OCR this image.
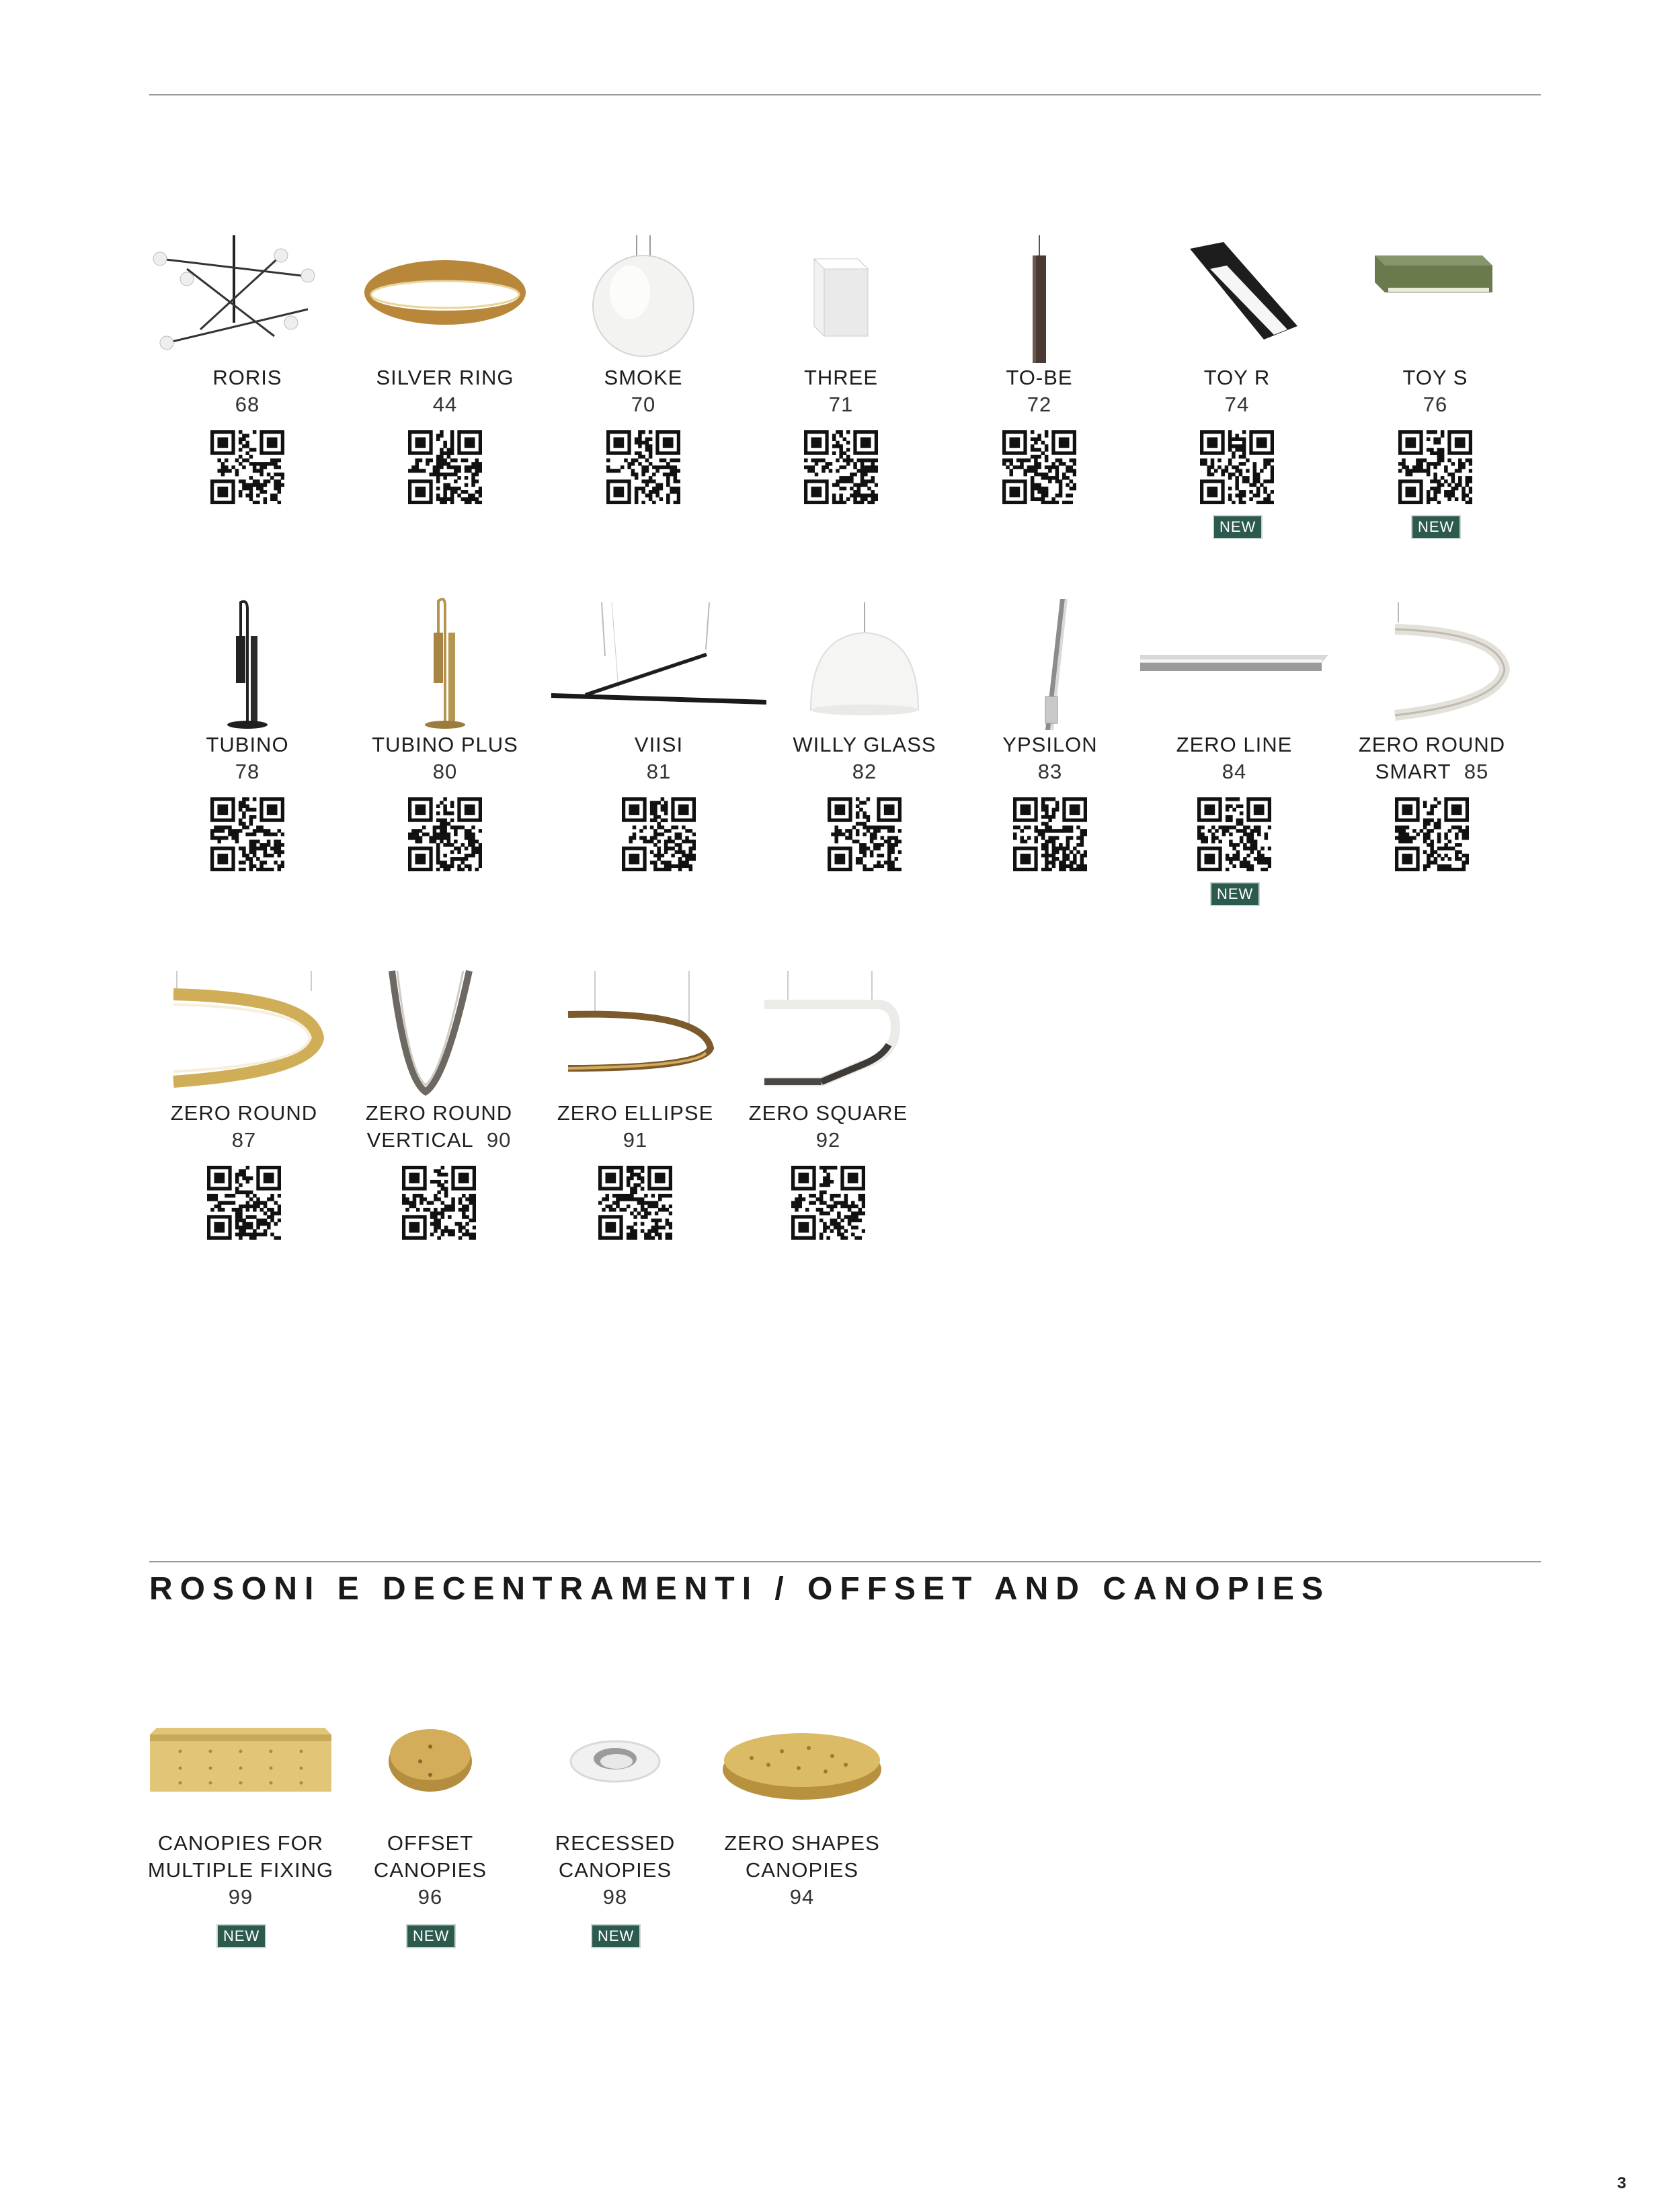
RORIS
68
SILVER RING
44
SMOKE
70
THREE
71
TO-BE
72
TOY R
74
NEW
TOY S
76
NEW
TUBINO
78
TUBINO PLUS
80
VIISI
81
WILLY GLASS
82
YPSILON
83
ZERO LINE
84
NEW
ZERO ROUND
SMART 85
ZERO ROUND
87
ZERO ROUND
VERTICAL 90
ZERO ELLIPSE
91
ZERO SQUARE
92
ROSONI E DECENTRAMENTI / OFFSET AND CANOPIES
CANOPIES FOR
MULTIPLE FIXING
99
NEW
OFFSET
CANOPIES
96
NEW
RECESSED
CANOPIES
98
NEW
ZERO SHAPES
CANOPIES
94
3
